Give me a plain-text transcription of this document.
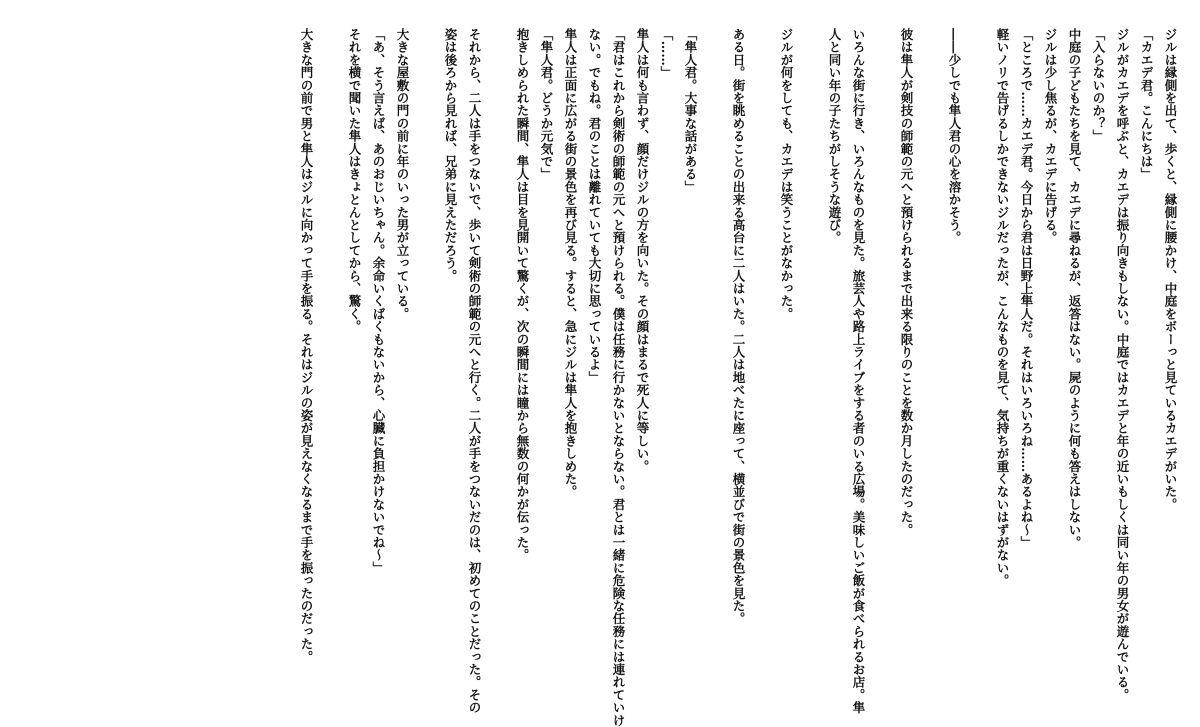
ジルは縁側を出て、歩くと、縁側に腰かけ、中庭をボーっと見ているカエデがいた。
「カエデ君。こんにちは」
ジルがカエデを呼ぶと、カエデは振り向きもしない。中庭ではカエデと年の近いもしくは同い年の男女が遊んでいる。
「入らないのか？」
中庭の子どもたちを見て、カエデに尋ねるが、返答はない。屍のように何も答えはしない。
ジルは少し焦るが、カエデに告げる。
「ところで……カエデ君。今日から君は日野上隼人だ。それはいろいろね……あるよね～」
軽いノリで告げるしかできないジルだったが、こんなものを見て、気持ちが重くないはずがない。

――少しでも隼人君の心を溶かそう。

彼は隼人が剣技の師範の元へと預けられるまで出来る限りのことを数か月したのだった。

いろんな街に行き、いろんなものを見た。旅芸人や路上ライブをする者のいる広場。美味しいご飯が食べられるお店。隼
人と同い年の子たちがしそうな遊び。

ジルが何をしても、カエデは笑うことがなかった。

ある日。街を眺めることの出来る高台に二人はいた。二人は地べたに座って、横並びで街の景色を見た。

「隼人君。大事な話がある」
「……」
隼人は何も言わず、顔だけジルの方を向いた。その顔はまるで死人に等しい。
「君はこれから剣術の師範の元へと預けられる。僕は任務に行かないとならない。君とは一緒に危険な任務には連れていけ
ない。でもね。君のことは離れていても大切に思っているよ」
隼人は正面に広がる街の景色を再び見る。すると、急にジルは隼人を抱きしめた。
「隼人君。どうか元気で」
抱きしめられた瞬間、隼人は目を見開いて驚くが、次の瞬間には瞳から無数の何かが伝った。

それから、二人は手をつないで、歩いて剣術の師範の元へと行く。二人が手をつないだのは、初めてのことだった。その
姿は後ろから見れば、兄弟に見えただろう。

大きな屋敷の門の前に年のいった男が立っている。
「あ、そう言えば、あのおじいちゃん。余命いくばくもないから、心臓に負担かけないでね～」
それを横で聞いた隼人はきょとんとしてから、驚く。

大きな門の前で男と隼人はジルに向かって手を振る。それはジルの姿が見えなくなるまで手を振ったのだった。
